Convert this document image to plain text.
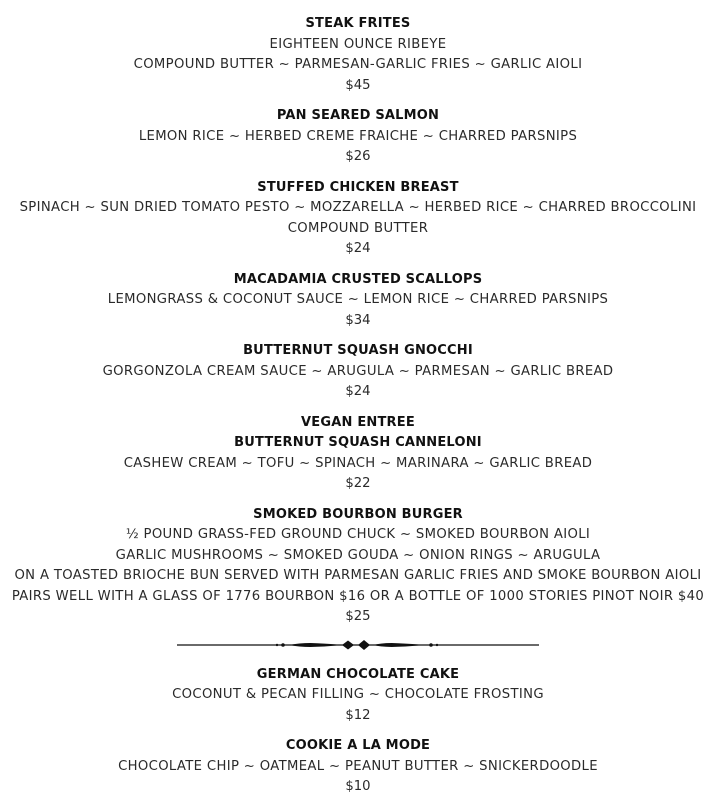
STEAK FRITES
EIGHTEEN OUNCE RIBEYE
COMPOUND BUTTER ~ PARMESAN-GARLIC FRIES ~ GARLIC AIOLI
$45
PAN SEARED SALMON
LEMON RICE ~ HERBED CREME FRAICHE ~ CHARRED PARSNIPS
$26
STUFFED CHICKEN BREAST
SPINACH ~ SUN DRIED TOMATO PESTO ~ MOZZARELLA ~ HERBED RICE ~ CHARRED BROCCOLINI
COMPOUND BUTTER
$24
MACADAMIA CRUSTED SCALLOPS
LEMONGRASS & COCONUT SAUCE ~ LEMON RICE ~ CHARRED PARSNIPS
$34
BUTTERNUT SQUASH GNOCCHI
GORGONZOLA CREAM SAUCE ~ ARUGULA ~ PARMESAN ~ GARLIC BREAD
$24
VEGAN ENTREE
BUTTERNUT SQUASH CANNELONI
CASHEW CREAM ~ TOFU ~ SPINACH ~ MARINARA ~ GARLIC BREAD
$22
SMOKED BOURBON BURGER
½ POUND GRASS-FED GROUND CHUCK ~ SMOKED BOURBON AIOLI
GARLIC MUSHROOMS ~ SMOKED GOUDA ~ ONION RINGS ~ ARUGULA
ON A TOASTED BRIOCHE BUN SERVED WITH PARMESAN GARLIC FRIES AND SMOKE BOURBON AIOLI
PAIRS WELL WITH A GLASS OF 1776 BOURBON $16 OR A BOTTLE OF 1000 STORIES PINOT NOIR $40
$25
GERMAN CHOCOLATE CAKE
COCONUT & PECAN FILLING ~ CHOCOLATE FROSTING
$12
COOKIE A LA MODE
CHOCOLATE CHIP ~ OATMEAL ~ PEANUT BUTTER ~ SNICKERDOODLE
$10
